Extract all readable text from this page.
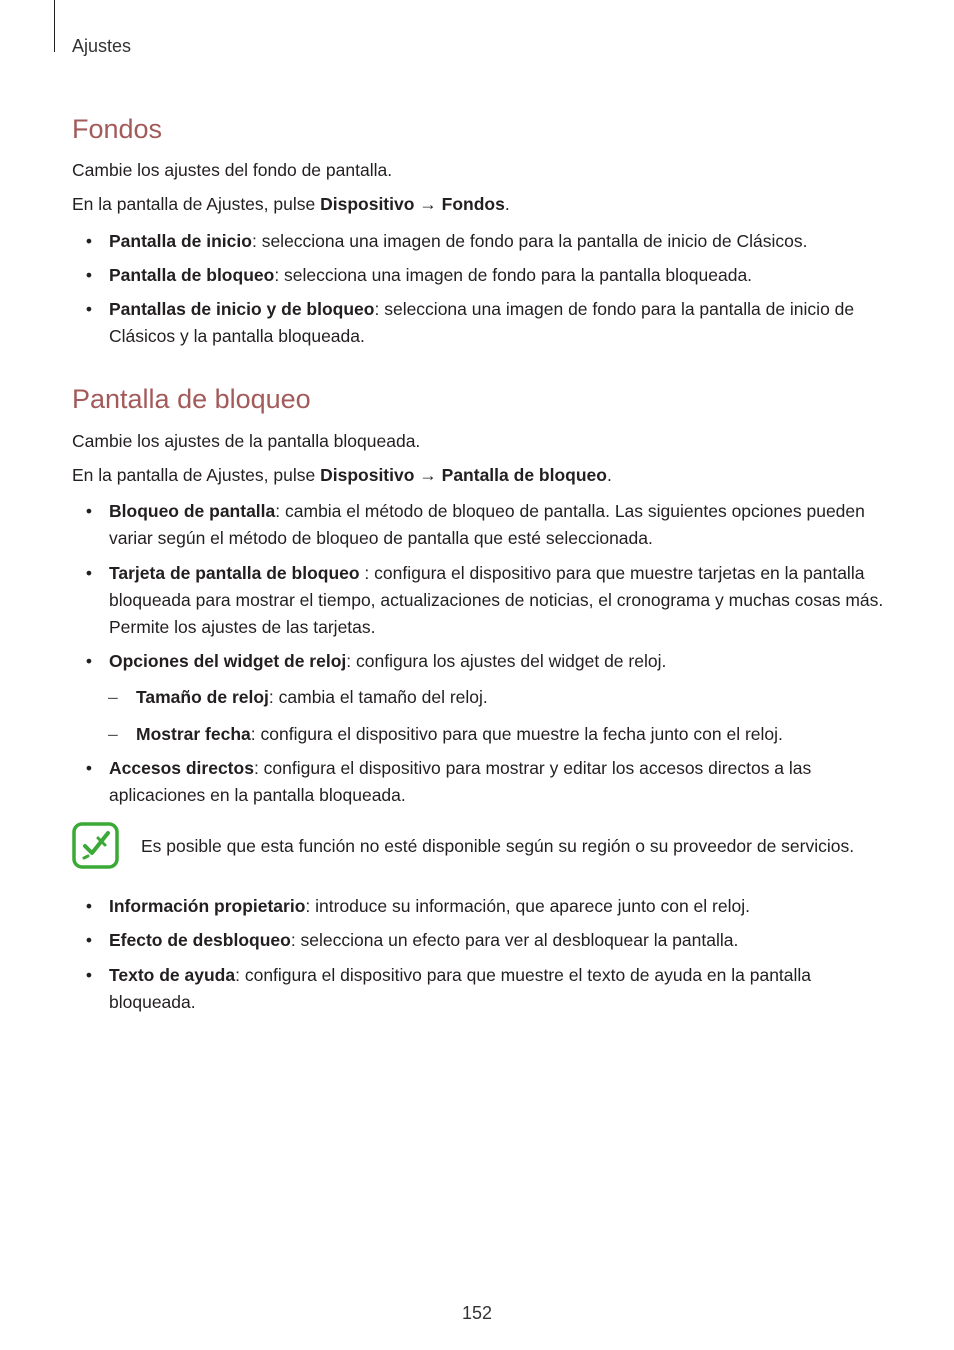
Ajustes
Fondos

Cambie los ajustes del fondo de pantalla.

En la pantalla de Ajustes, pulse Dispositivo → Fondos.

• Pantalla de inicio: selecciona una imagen de fondo para la pantalla de inicio de Clásicos.
• Pantalla de bloqueo: selecciona una imagen de fondo para la pantalla bloqueada.
• Pantallas de inicio y de bloqueo: selecciona una imagen de fondo para la pantalla de inicio de Clásicos y la pantalla bloqueada.
Pantalla de bloqueo

Cambie los ajustes de la pantalla bloqueada.

En la pantalla de Ajustes, pulse Dispositivo → Pantalla de bloqueo.

• Bloqueo de pantalla: cambia el método de bloqueo de pantalla. Las siguientes opciones pueden variar según el método de bloqueo de pantalla que esté seleccionada.
• Tarjeta de pantalla de bloqueo : configura el dispositivo para que muestre tarjetas en la pantalla bloqueada para mostrar el tiempo, actualizaciones de noticias, el cronograma y muchas cosas más. Permite los ajustes de las tarjetas.
• Opciones del widget de reloj: configura los ajustes del widget de reloj.
– Tamaño de reloj: cambia el tamaño del reloj.
– Mostrar fecha: configura el dispositivo para que muestre la fecha junto con el reloj.
• Accesos directos: configura el dispositivo para mostrar y editar los accesos directos a las aplicaciones en la pantalla bloqueada.
Es posible que esta función no esté disponible según su región o su proveedor de servicios.
• Información propietario: introduce su información, que aparece junto con el reloj.
• Efecto de desbloqueo: selecciona un efecto para ver al desbloquear la pantalla.
• Texto de ayuda: configura el dispositivo para que muestre el texto de ayuda en la pantalla bloqueada.
152
